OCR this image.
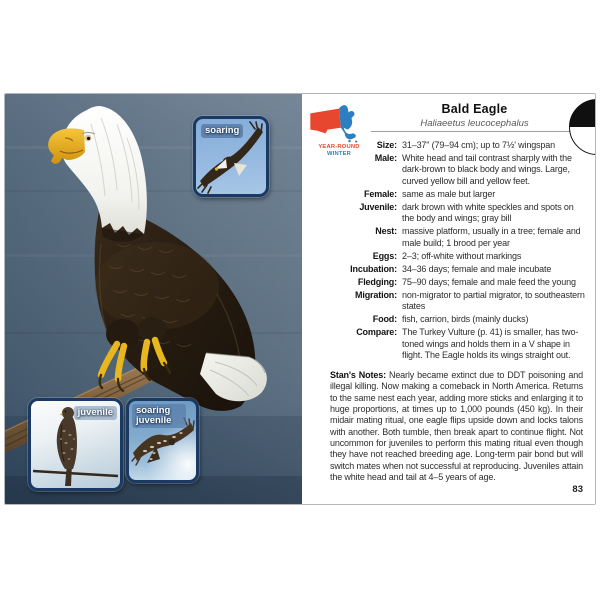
soaring
juvenile	soaring juvenile
YEAR-ROUND
WINTER
Bald Eagle
Haliaeetus leucocephalus
Size: 31–37" (79–94 cm); up to 7½' wingspan
Male: White head and tail contrast sharply with the dark-brown to black body and wings. Large, curved yellow bill and yellow feet.
Female: same as male but larger
Juvenile: dark brown with white speckles and spots on the body and wings; gray bill
Nest: massive platform, usually in a tree; female and male build; 1 brood per year
Eggs: 2–3; off-white without markings
Incubation: 34–36 days; female and male incubate
Fledging: 75–90 days; female and male feed the young
Migration: non-migrator to partial migrator, to southeastern states
Food: fish, carrion, birds (mainly ducks)
Compare: The Turkey Vulture (p. 41) is smaller, has two-toned wings and holds them in a V shape in flight. The Eagle holds its wings straight out.
Stan's Notes: Nearly became extinct due to DDT poisoning and illegal killing. Now making a comeback in North America. Returns to the same nest each year, adding more sticks and enlarging it to huge proportions, at times up to 1,000 pounds (450 kg). In their midair mating ritual, one eagle flips upside down and locks talons with another. Both tumble, then break apart to continue flight. Not uncommon for juveniles to perform this mating ritual even though they have not reached breeding age. Long-term pair bond but will switch mates when not successful at reproducing. Juveniles attain the white head and tail at 4–5 years of age.
83
